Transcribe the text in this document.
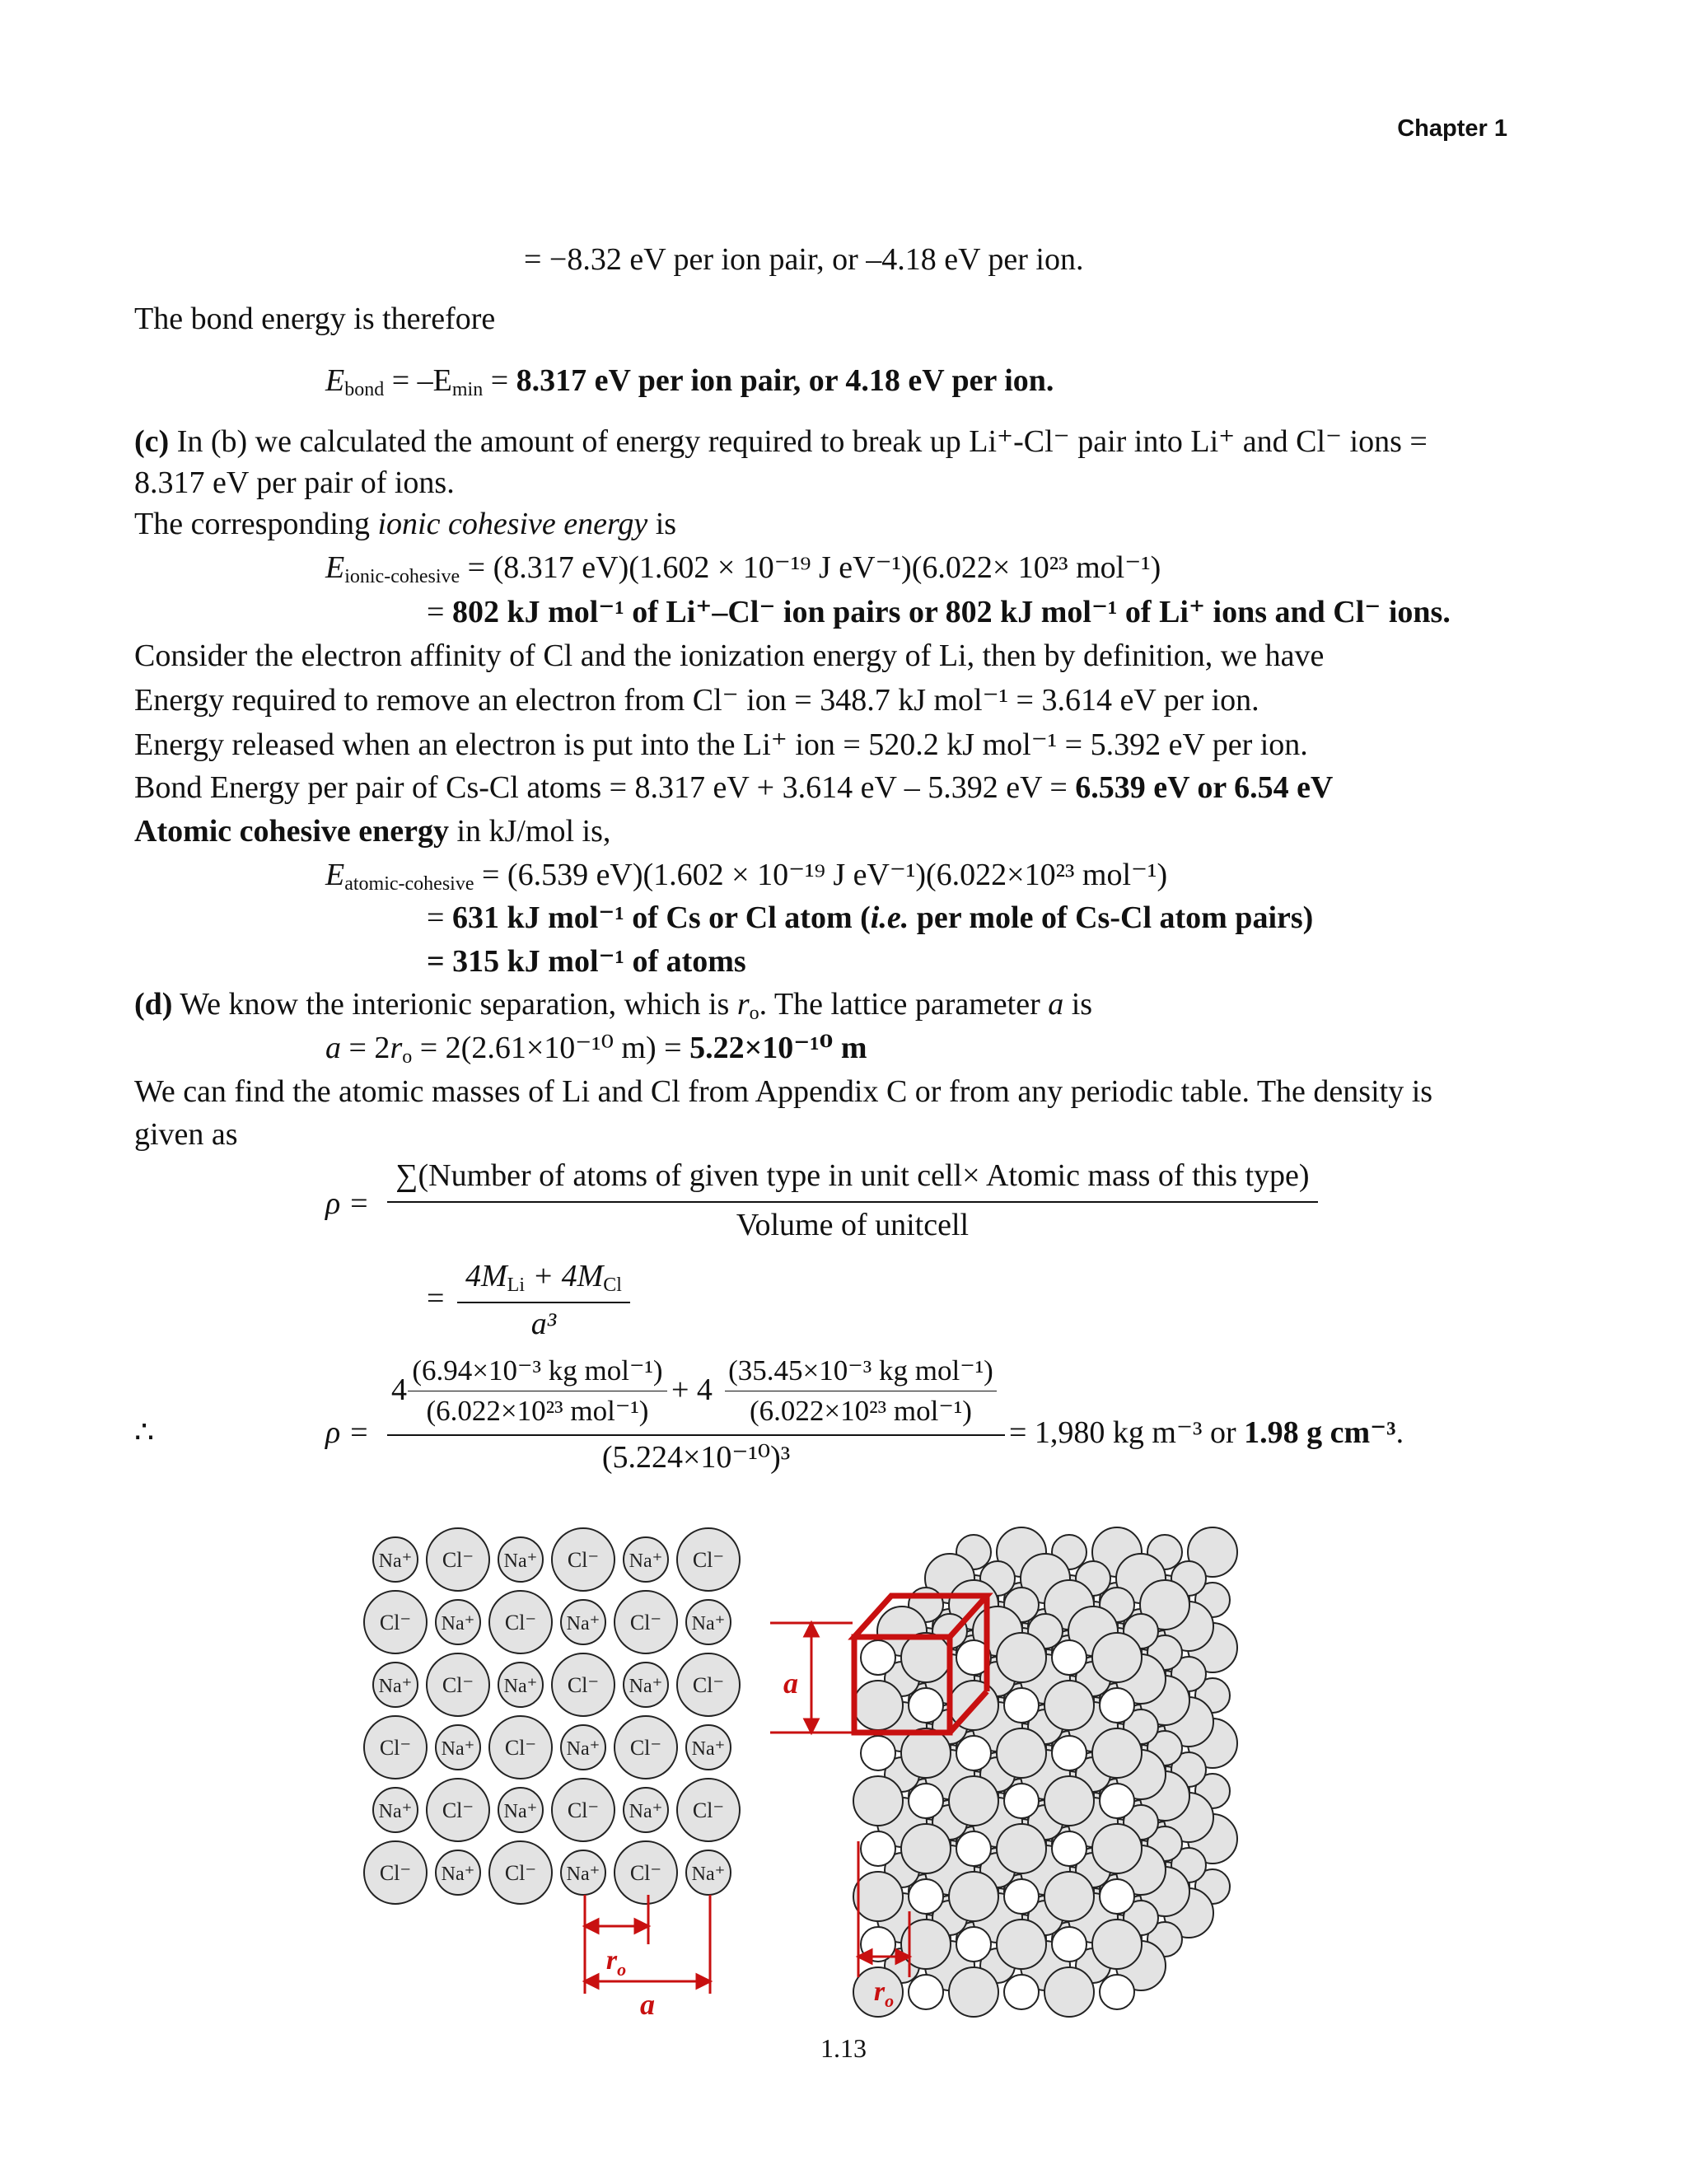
Chapter 1
= −8.32 eV per ion pair, or –4.18 eV per ion.
The bond energy is therefore
$E_{bond} = -E_{min} = 8.317$ eV per ion pair, or 4.18 eV per ion.
(c) In (b) we calculated the amount of energy required to break up Li⁺-Cl⁻ pair into Li⁺ and Cl⁻ ions =
8.317 eV per pair of ions.
The corresponding ionic cohesive energy is
$E_{ionic-cohesive} = (8.317$ eV)(1.602 × 10⁻¹⁹ J eV⁻¹)(6.022× 10²³ mol⁻¹)
= 802 kJ mol⁻¹ of Li⁺–Cl⁻ ion pairs or 802 kJ mol⁻¹ of Li⁺ ions and Cl⁻ ions.
Consider the electron affinity of Cl and the ionization energy of Li, then by definition, we have
Energy required to remove an electron from Cl⁻ ion = 348.7 kJ mol⁻¹ = 3.614 eV per ion.
Energy released when an electron is put into the Li⁺ ion = 520.2 kJ mol⁻¹ = 5.392 eV per ion.
Bond Energy per pair of Cs-Cl atoms = 8.317 eV + 3.614 eV – 5.392 eV = 6.539 eV or 6.54 eV
Atomic cohesive energy in kJ/mol is,
$E_{atomic-cohesive} = (6.539$ eV)(1.602 × 10⁻¹⁹ J eV⁻¹)(6.022×10²³ mol⁻¹)
= 631 kJ mol⁻¹ of Cs or Cl atom (i.e. per mole of Cs-Cl atom pairs)
= 315 kJ mol⁻¹ of atoms
(d) We know the interionic separation, which is $r_o$. The lattice parameter a is
$a = 2r_o = 2(2.61\times 10^{-10}$ m) = 5.22×10⁻¹⁰ m
We can find the atomic masses of Li and Cl from Appendix C or from any periodic table. The density is
given as
ρ =
∑(Number of atoms of given type in unit cell× Atomic mass of this type)
Volume of unitcell
=
$4M_{Li} + 4M_{Cl}$
a³
∴	ρ =
4
(6.94×10⁻³ kg mol⁻¹)
(6.022×10²³ mol⁻¹)
+ 4
(35.45×10⁻³ kg mol⁻¹)
(6.022×10²³ mol⁻¹)
(5.224×10⁻¹⁰)³
= 1,980 kg m⁻³ or 1.98 g cm⁻³.
Na⁺ Cl⁻ Na⁺ Cl⁻ Na⁺ Cl⁻
Cl⁻ Na⁺ Cl⁻ Na⁺ Cl⁻ Na⁺
Na⁺ Cl⁻ Na⁺ Cl⁻ Na⁺ Cl⁻
Cl⁻ Na⁺ Cl⁻ Na⁺ Cl⁻ Na⁺
Na⁺ Cl⁻ Na⁺ Cl⁻ Na⁺ Cl⁻
Cl⁻ Na⁺ Cl⁻ Na⁺ Cl⁻ Na⁺
a
$r_o$
a	$r_o$
1.13
